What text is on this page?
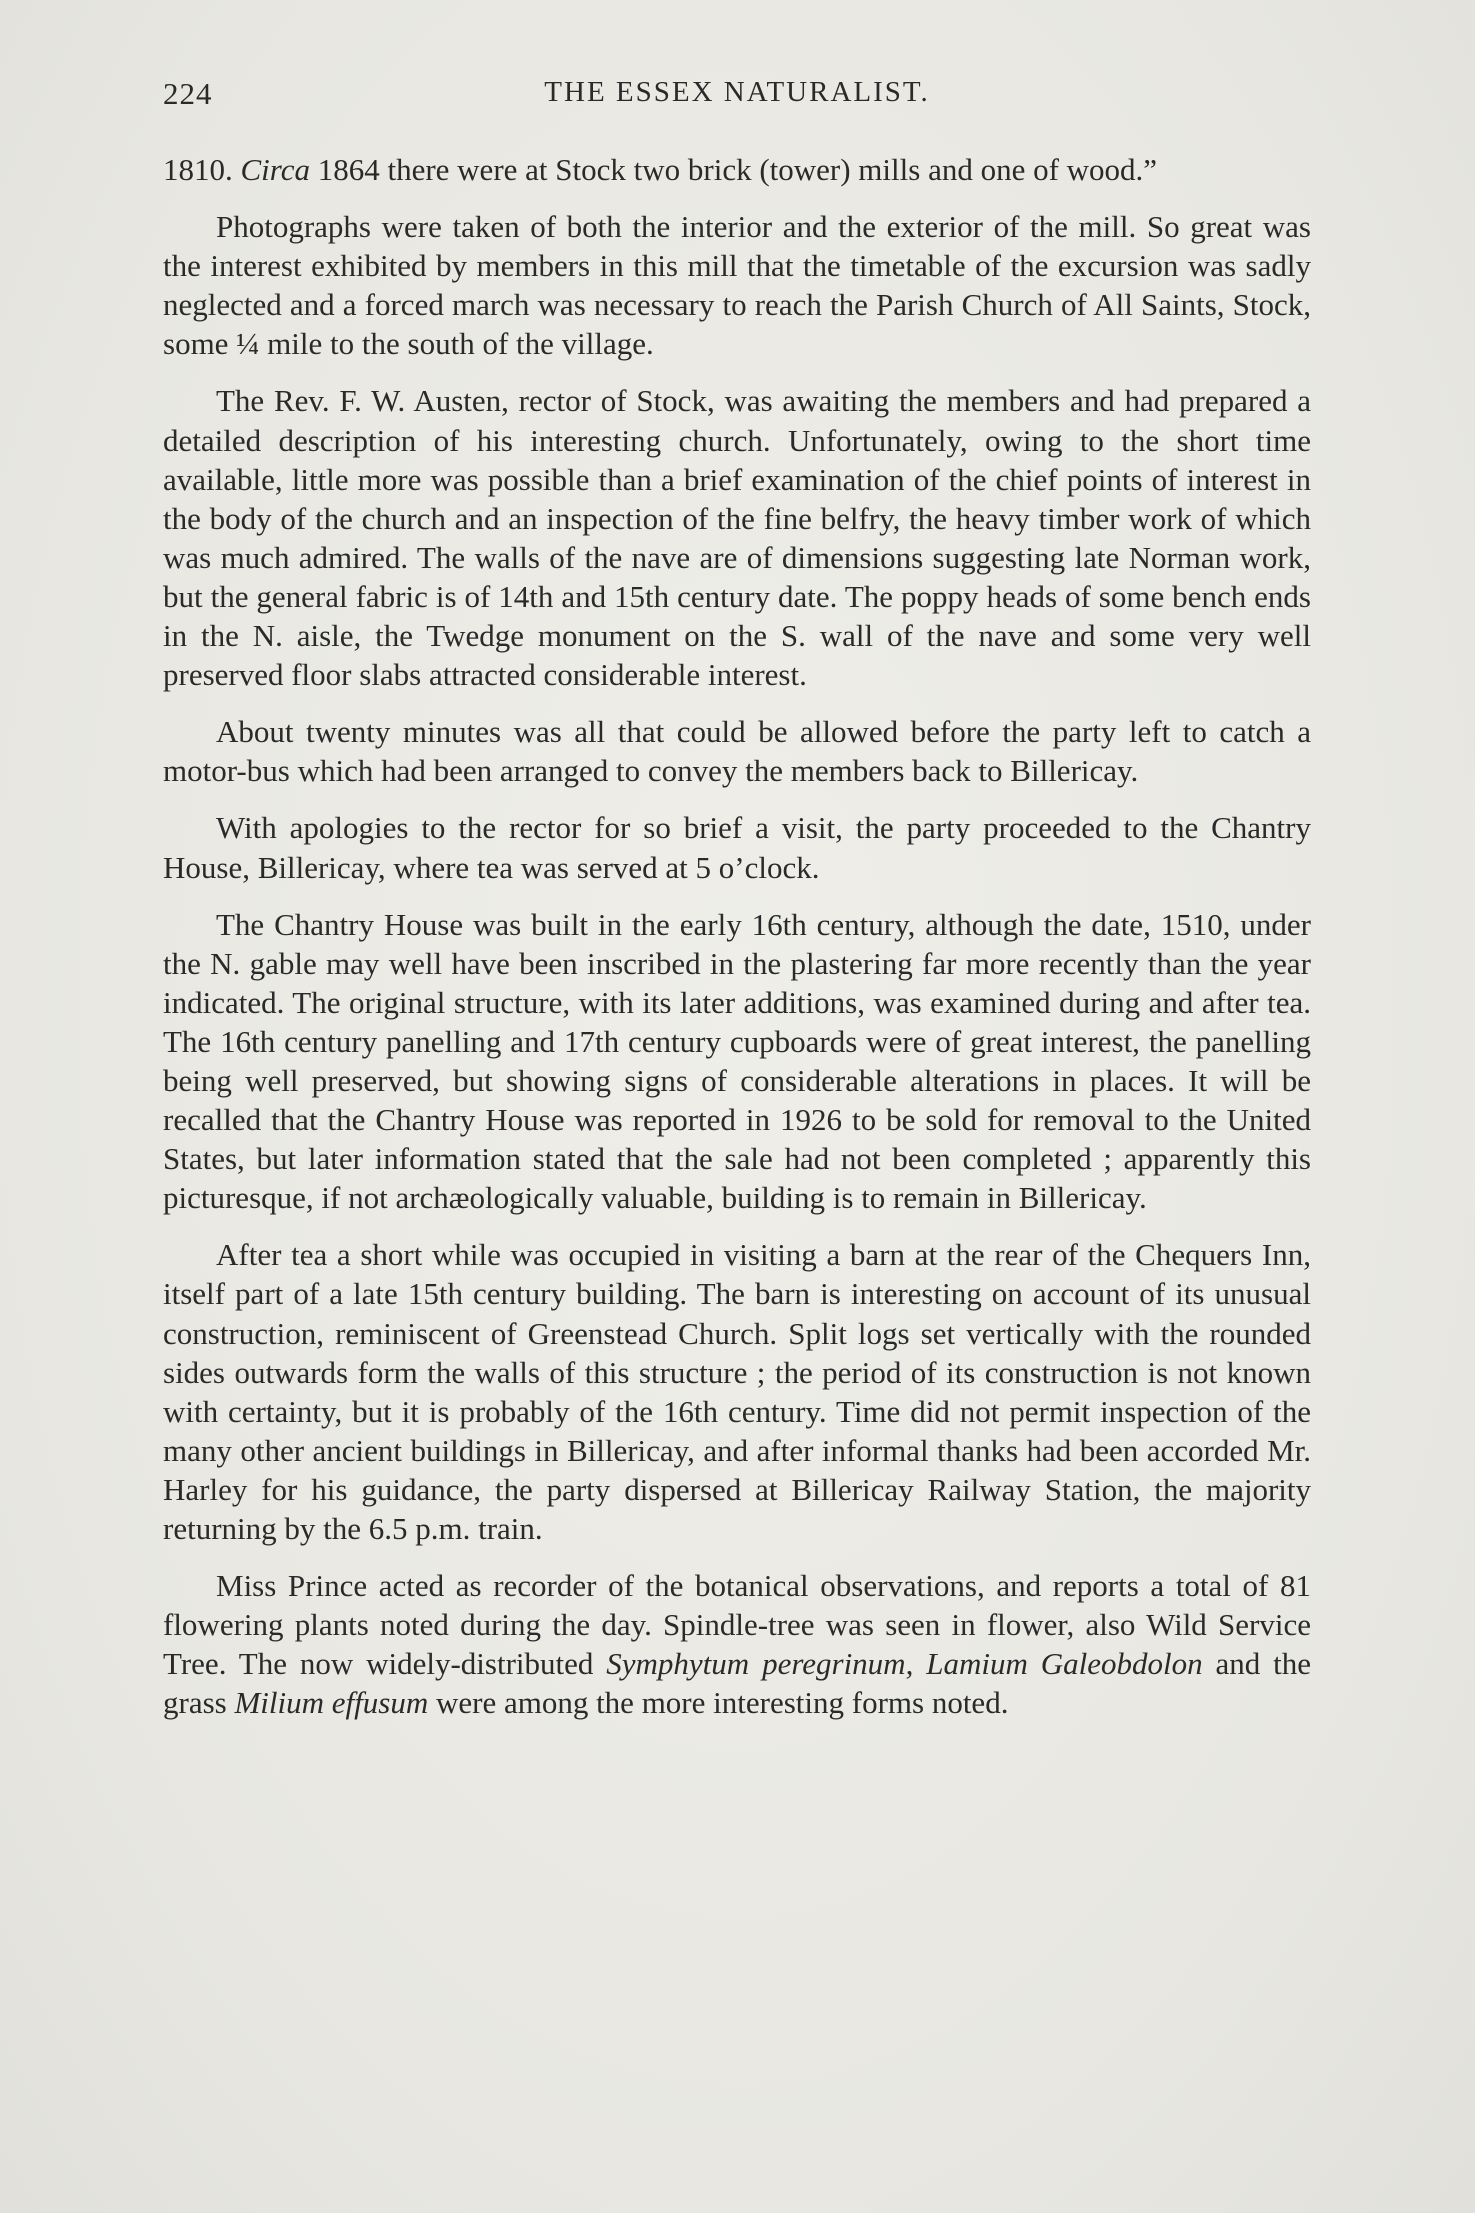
224	THE ESSEX NATURALIST.

1810. Circa 1864 there were at Stock two brick (tower) mills and one of wood.”

Photographs were taken of both the interior and the exterior of the mill. So great was the interest exhibited by members in this mill that the timetable of the excursion was sadly neglected and a forced march was necessary to reach the Parish Church of All Saints, Stock, some ¼ mile to the south of the village.

The Rev. F. W. Austen, rector of Stock, was awaiting the members and had prepared a detailed description of his interesting church. Unfortunately, owing to the short time available, little more was possible than a brief examination of the chief points of interest in the body of the church and an inspection of the fine belfry, the heavy timber work of which was much admired. The walls of the nave are of dimensions suggesting late Norman work, but the general fabric is of 14th and 15th century date. The poppy heads of some bench ends in the N. aisle, the Twedge monument on the S. wall of the nave and some very well preserved floor slabs attracted considerable interest.

About twenty minutes was all that could be allowed before the party left to catch a motor-bus which had been arranged to convey the members back to Billericay.

With apologies to the rector for so brief a visit, the party proceeded to the Chantry House, Billericay, where tea was served at 5 o’clock.

The Chantry House was built in the early 16th century, although the date, 1510, under the N. gable may well have been inscribed in the plastering far more recently than the year indicated. The original structure, with its later additions, was examined during and after tea. The 16th century panelling and 17th century cupboards were of great interest, the panelling being well preserved, but showing signs of considerable alterations in places. It will be recalled that the Chantry House was reported in 1926 to be sold for removal to the United States, but later information stated that the sale had not been completed ; apparently this picturesque, if not archæologically valuable, building is to remain in Billericay.

After tea a short while was occupied in visiting a barn at the rear of the Chequers Inn, itself part of a late 15th century building. The barn is interesting on account of its unusual construction, reminiscent of Greenstead Church. Split logs set vertically with the rounded sides outwards form the walls of this structure ; the period of its construction is not known with certainty, but it is probably of the 16th century. Time did not permit inspection of the many other ancient buildings in Billericay, and after informal thanks had been accorded Mr. Harley for his guidance, the party dispersed at Billericay Railway Station, the majority returning by the 6.5 p.m. train.

Miss Prince acted as recorder of the botanical observations, and reports a total of 81 flowering plants noted during the day. Spindle-tree was seen in flower, also Wild Service Tree. The now widely-distributed Symphytum peregrinum, Lamium Galeobdolon and the grass Milium effusum were among the more interesting forms noted.
